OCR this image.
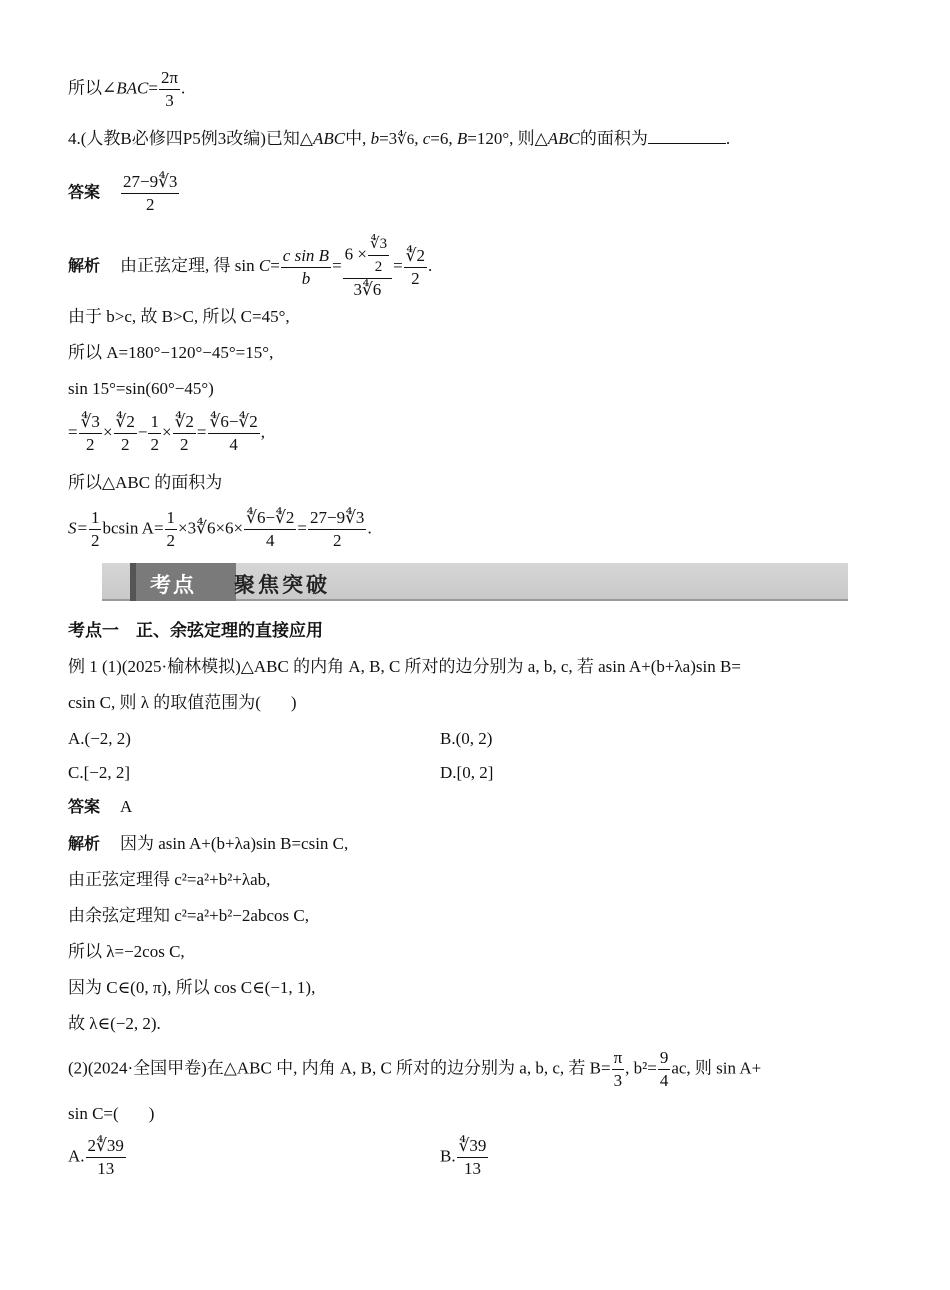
所以∠BAC= $\frac{2\pi}{3}$ .
4.(人教B必修四P5例3改编)已知△ABC中, b=3∜6, c=6, B=120°, 则△ABC的面积为	.
答案 $\frac{27-9∜3}{2}$
解析 由正弦定理, 得 $\sin C= \frac{\text{c sin B}}{b} = \frac{6 \times \frac{∜3}{2}}{3∜6} = \frac{∜2}{2}$ .
由于 b>c, 故 B>C, 所以 C=45°,
所以 A=180°−120°−45°=15°,
sin 15°=sin(60°−45°)
= $\frac{∜3}{2} \times \frac{∜2}{2} - \frac{1}{2} \times \frac{∜2}{2} = \frac{∜6-∜2}{4}$ ,
所以△ABC 的面积为
$S= \frac{1}{2}$ bcsin $A= \frac{1}{2}$ ×3∜6×6× $\frac{∜6-∜2}{4} = \frac{27-9∜3}{2}$ .
考点 聚焦突破
考点一　正、余弦定理的直接应用
例 1 (1)(2025·榆林模拟)△ABC 的内角 A, B, C 所对的边分别为 a, b, c, 若 asin A+(b+λa)sin B=
csin C, 则 λ 的取值范围为( )
A.(−2, 2)	B.(0, 2)
C.[−2, 2]	D.[0, 2]
答案 A
解析 因为 asin A+(b+λa)sin B=csin C,
由正弦定理得 c²=a²+b²+λab,
由余弦定理知 c²=a²+b²−2abcos C,
所以 λ=−2cos C,
因为 C∈(0, π), 所以 cos C∈(−1, 1),
故 λ∈(−2, 2).
(2)(2024·全国甲卷)在△ABC 中, 内角 A, B, C 所对的边分别为 a, b, c, 若 $B= \frac{\pi}{3}$ , $b^2= \frac{9}{4}$ ac, 则 sin A+
sin C=( )
A. $\frac{2∜39}{13}$	B. $\frac{∜39}{13}$
